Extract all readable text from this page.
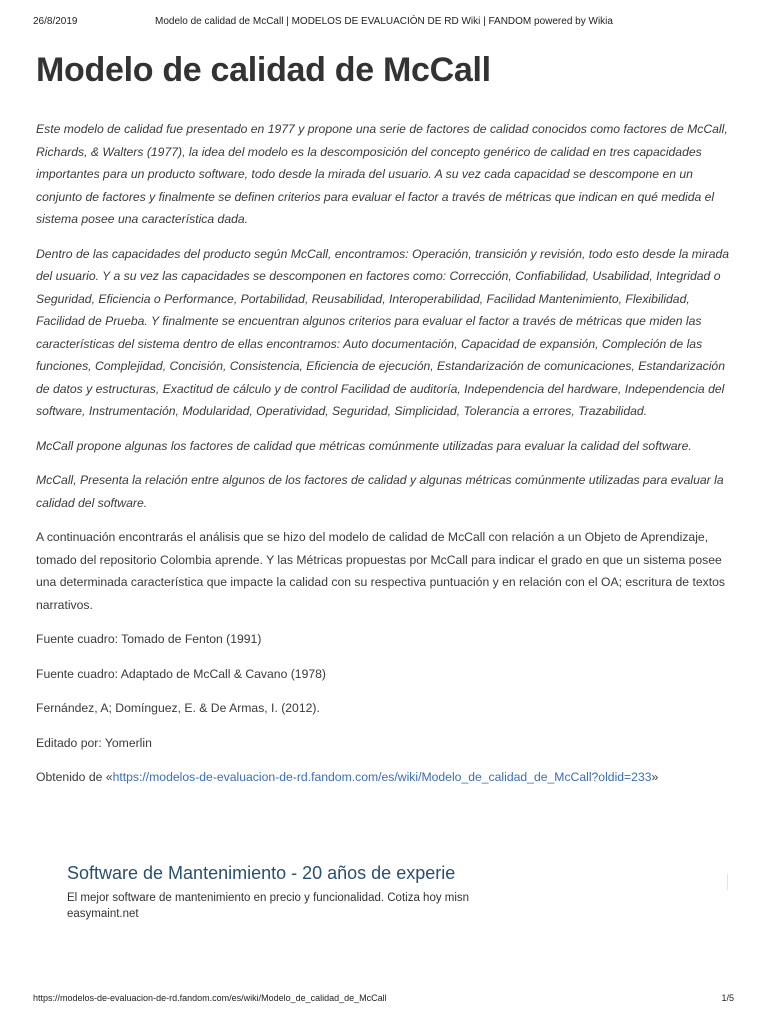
26/8/2019	Modelo de calidad de McCall | MODELOS DE EVALUACIÓN DE RD Wiki | FANDOM powered by Wikia
Modelo de calidad de McCall

Este modelo de calidad fue presentado en 1977 y propone una serie de factores de calidad conocidos como factores de McCall, Richards, & Walters (1977), la idea del modelo es la descomposición del concepto genérico de calidad en tres capacidades importantes para un producto software, todo desde la mirada del usuario. A su vez cada capacidad se descompone en un conjunto de factores y finalmente se definen criterios para evaluar el factor a través de métricas que indican en qué medida el sistema posee una característica dada.

Dentro de las capacidades del producto según McCall, encontramos: Operación, transición y revisión, todo esto desde la mirada del usuario. Y a su vez las capacidades se descomponen en factores como: Corrección, Confiabilidad, Usabilidad, Integridad o Seguridad, Eficiencia o Performance, Portabilidad, Reusabilidad, Interoperabilidad, Facilidad Mantenimiento, Flexibilidad, Facilidad de Prueba. Y finalmente se encuentran algunos criterios para evaluar el factor a través de métricas que miden las características del sistema dentro de ellas encontramos: Auto documentación, Capacidad de expansión, Compleción de las funciones, Complejidad, Concisión, Consistencia, Eficiencia de ejecución, Estandarización de comunicaciones, Estandarización de datos y estructuras, Exactitud de cálculo y de control Facilidad de auditoría, Independencia del hardware, Independencia del software, Instrumentación, Modularidad, Operatividad, Seguridad, Simplicidad, Tolerancia a errores, Trazabilidad.

McCall propone algunas los factores de calidad que métricas comúnmente utilizadas para evaluar la calidad del software.

McCall, Presenta la relación entre algunos de los factores de calidad y algunas métricas comúnmente utilizadas para evaluar la calidad del software.

A continuación encontrarás el análisis que se hizo del modelo de calidad de McCall con relación a un Objeto de Aprendizaje, tomado del repositorio Colombia aprende. Y las Métricas propuestas por McCall para indicar el grado en que un sistema posee una determinada característica que impacte la calidad con su respectiva puntuación y en relación con el OA; escritura de textos narrativos.

Fuente cuadro: Tomado de Fenton (1991)

Fuente cuadro: Adaptado de McCall & Cavano (1978)

Fernández, A; Domínguez, E. & De Armas, I. (2012).

Editado por: Yomerlin

Obtenido de «https://modelos-de-evaluacion-de-rd.fandom.com/es/wiki/Modelo_de_calidad_de_McCall?oldid=233»

Software de Mantenimiento - 20 años de experie
El mejor software de mantenimiento en precio y funcionalidad. Cotiza hoy misn
easymaint.net
https://modelos-de-evaluacion-de-rd.fandom.com/es/wiki/Modelo_de_calidad_de_McCall	1/5
